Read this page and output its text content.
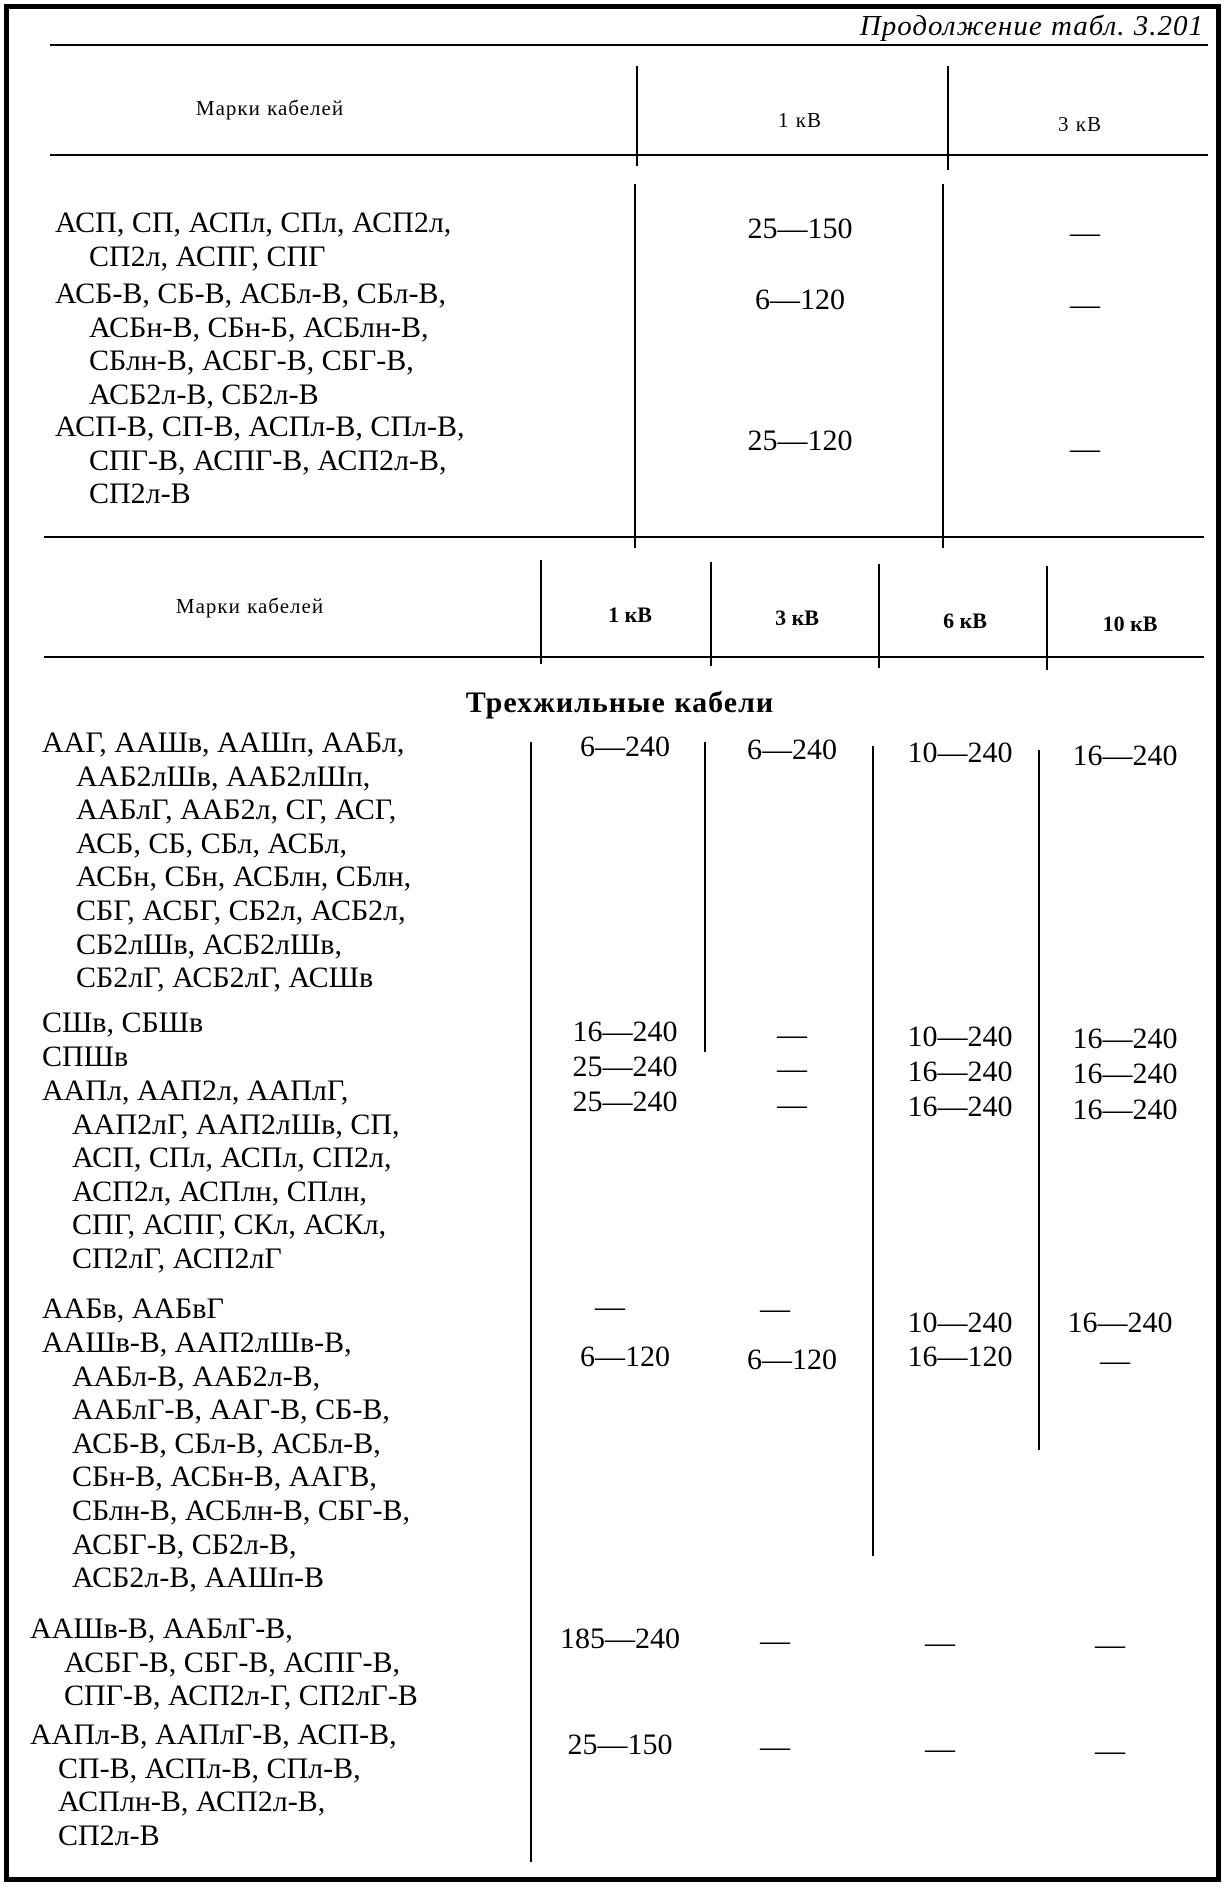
Продолжение табл. 3.201
Марки кабелей	1 кВ	3 кВ
АСП, СП, АСПл, СПл, АСП2л,
СП2л, АСПГ, СПГ
25—150	—
АСБ-В, СБ-В, АСБл-В, СБл-В,
АСБн-В, СБн-Б, АСБлн-В,
СБлн-В, АСБГ-В, СБГ-В,
АСБ2л-В, СБ2л-В
6—120	—
АСП-В, СП-В, АСПл-В, СПл-В,
СПГ-В, АСПГ-В, АСП2л-В,
СП2л-В
25—120	—
Марки кабелей	1 кВ	3 кВ	6 кВ	10 кВ
Трехжильные кабели
ААГ, ААШв, ААШп, ААБл,
ААБ2лШв, ААБ2лШп,
ААБлГ, ААБ2л, СГ, АСГ,
АСБ, СБ, СБл, АСБл,
АСБн, СБн, АСБлн, СБлн,
СБГ, АСБГ, СБ2л, АСБ2л,
СБ2лШв, АСБ2лШв,
СБ2лГ, АСБ2лГ, АСШв
6—240	6—240	10—240	16—240
СШв, СБШв	16—240	—	10—240	16—240
СПШв	25—240	—	16—240	16—240
ААПл, ААП2л, ААПлГ,
ААП2лГ, ААП2лШв, СП,
АСП, СПл, АСПл, СП2л,
АСП2л, АСПлн, СПлн,
СПГ, АСПГ, СКл, АСКл,
СП2лГ, АСП2лГ
25—240	—	16—240	16—240
ААБв, ААБвГ	—	—	10—240	16—240
ААШв-В, ААП2лШв-В,
ААБл-В, ААБ2л-В,
ААБлГ-В, ААГ-В, СБ-В,
АСБ-В, СБл-В, АСБл-В,
СБн-В, АСБн-В, ААГВ,
СБлн-В, АСБлн-В, СБГ-В,
АСБГ-В, СБ2л-В,
АСБ2л-В, ААШп-В
6—120	6—120	16—120	—
ААШв-В, ААБлГ-В,
АСБГ-В, СБГ-В, АСПГ-В,
СПГ-В, АСП2л-Г, СП2лГ-В
185—240	—	—	—
ААПл-В, ААПлГ-В, АСП-В,
СП-В, АСПл-В, СПл-В,
АСПлн-В, АСП2л-В,
СП2л-В
25—150	—	—	—
